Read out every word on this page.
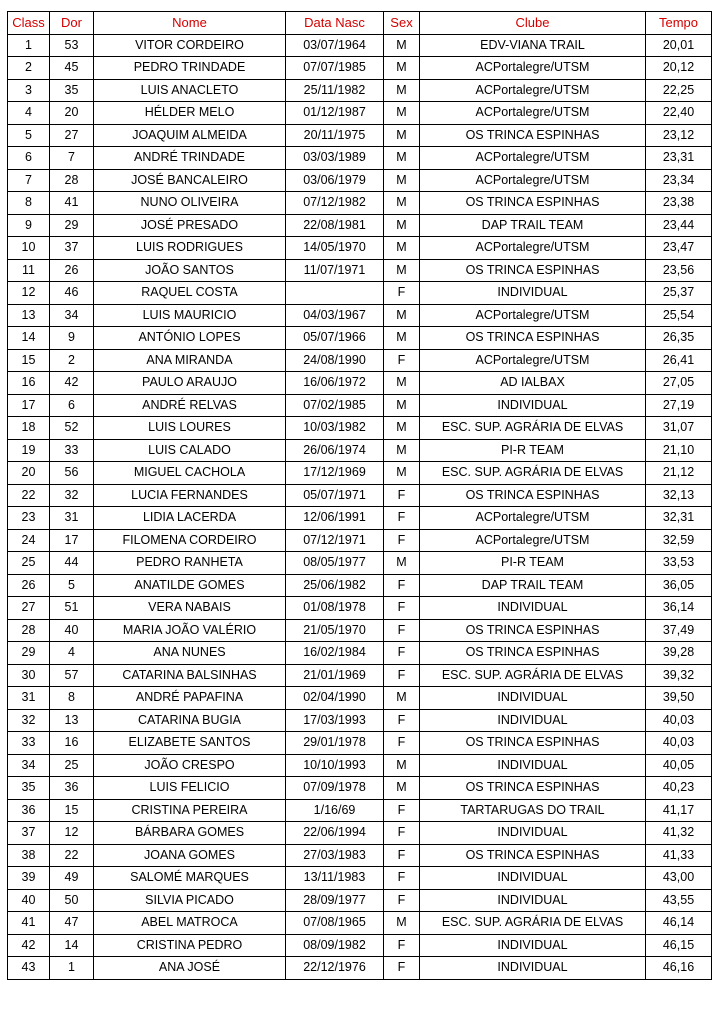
Class	Dor	Nome	Data Nasc	Sex	Clube	Tempo
1	53	VITOR CORDEIRO	03/07/1964	M	EDV-VIANA TRAIL	20,01
2	45	PEDRO TRINDADE	07/07/1985	M	ACPortalegre/UTSM	20,12
3	35	LUIS ANACLETO	25/11/1982	M	ACPortalegre/UTSM	22,25
4	20	HÉLDER MELO	01/12/1987	M	ACPortalegre/UTSM	22,40
5	27	JOAQUIM ALMEIDA	20/11/1975	M	OS TRINCA ESPINHAS	23,12
6	7	ANDRÉ TRINDADE	03/03/1989	M	ACPortalegre/UTSM	23,31
7	28	JOSÉ BANCALEIRO	03/06/1979	M	ACPortalegre/UTSM	23,34
8	41	NUNO OLIVEIRA	07/12/1982	M	OS TRINCA ESPINHAS	23,38
9	29	JOSÉ PRESADO	22/08/1981	M	DAP TRAIL TEAM	23,44
10	37	LUIS RODRIGUES	14/05/1970	M	ACPortalegre/UTSM	23,47
11	26	JOÃO SANTOS	11/07/1971	M	OS TRINCA ESPINHAS	23,56
12	46	RAQUEL COSTA		F	INDIVIDUAL	25,37
13	34	LUIS MAURICIO	04/03/1967	M	ACPortalegre/UTSM	25,54
14	9	ANTÓNIO LOPES	05/07/1966	M	OS TRINCA ESPINHAS	26,35
15	2	ANA MIRANDA	24/08/1990	F	ACPortalegre/UTSM	26,41
16	42	PAULO ARAUJO	16/06/1972	M	AD IALBAX	27,05
17	6	ANDRÉ RELVAS	07/02/1985	M	INDIVIDUAL	27,19
18	52	LUIS LOURES	10/03/1982	M	ESC. SUP. AGRÁRIA DE ELVAS	31,07
19	33	LUIS CALADO	26/06/1974	M	PI-R TEAM	21,10
20	56	MIGUEL CACHOLA	17/12/1969	M	ESC. SUP. AGRÁRIA DE ELVAS	21,12
22	32	LUCIA FERNANDES	05/07/1971	F	OS TRINCA ESPINHAS	32,13
23	31	LIDIA LACERDA	12/06/1991	F	ACPortalegre/UTSM	32,31
24	17	FILOMENA CORDEIRO	07/12/1971	F	ACPortalegre/UTSM	32,59
25	44	PEDRO RANHETA	08/05/1977	M	PI-R TEAM	33,53
26	5	ANATILDE GOMES	25/06/1982	F	DAP TRAIL TEAM	36,05
27	51	VERA NABAIS	01/08/1978	F	INDIVIDUAL	36,14
28	40	MARIA JOÃO VALÉRIO	21/05/1970	F	OS TRINCA ESPINHAS	37,49
29	4	ANA NUNES	16/02/1984	F	OS TRINCA ESPINHAS	39,28
30	57	CATARINA BALSINHAS	21/01/1969	F	ESC. SUP. AGRÁRIA DE ELVAS	39,32
31	8	ANDRÉ PAPAFINA	02/04/1990	M	INDIVIDUAL	39,50
32	13	CATARINA BUGIA	17/03/1993	F	INDIVIDUAL	40,03
33	16	ELIZABETE SANTOS	29/01/1978	F	OS TRINCA ESPINHAS	40,03
34	25	JOÃO CRESPO	10/10/1993	M	INDIVIDUAL	40,05
35	36	LUIS FELICIO	07/09/1978	M	OS TRINCA ESPINHAS	40,23
36	15	CRISTINA PEREIRA	1/16/69	F	TARTARUGAS DO TRAIL	41,17
37	12	BÁRBARA GOMES	22/06/1994	F	INDIVIDUAL	41,32
38	22	JOANA GOMES	27/03/1983	F	OS TRINCA ESPINHAS	41,33
39	49	SALOMÉ MARQUES	13/11/1983	F	INDIVIDUAL	43,00
40	50	SILVIA PICADO	28/09/1977	F	INDIVIDUAL	43,55
41	47	ABEL MATROCA	07/08/1965	M	ESC. SUP. AGRÁRIA DE ELVAS	46,14
42	14	CRISTINA PEDRO	08/09/1982	F	INDIVIDUAL	46,15
43	1	ANA JOSÉ	22/12/1976	F	INDIVIDUAL	46,16
